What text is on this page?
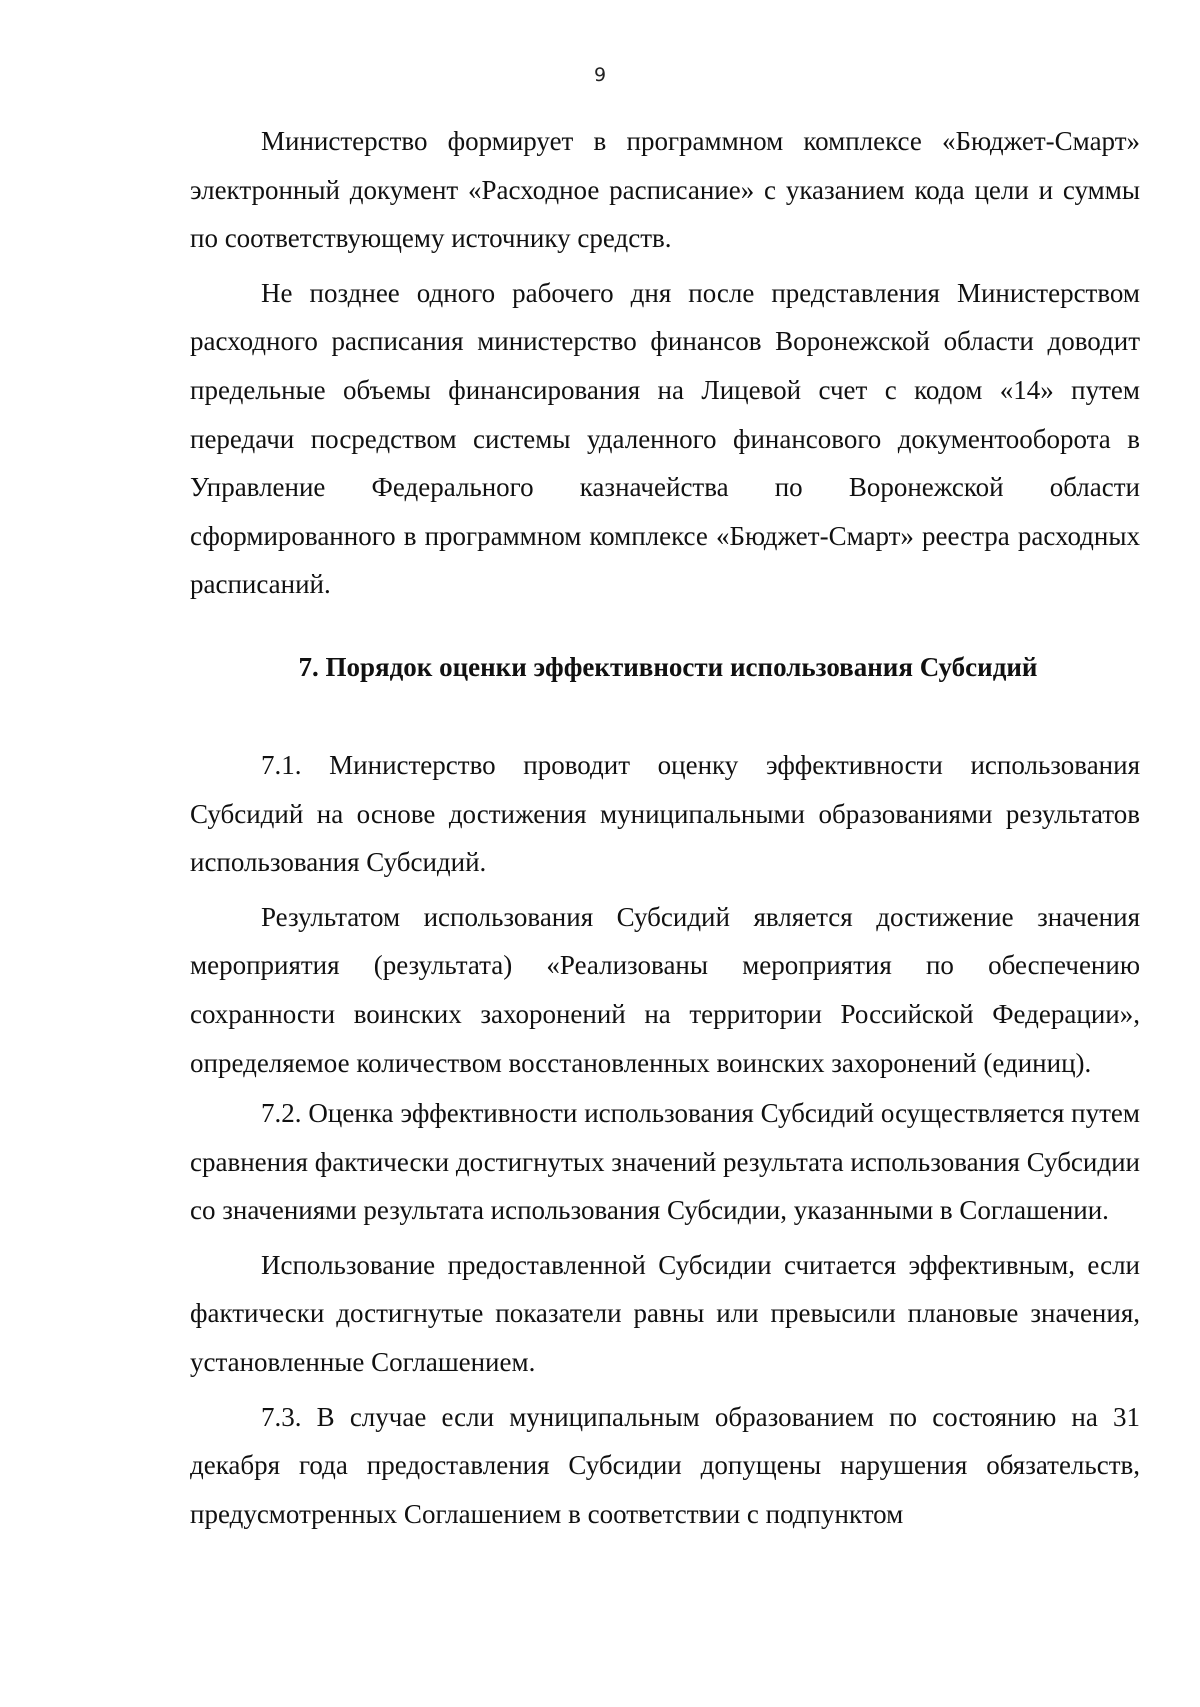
9

Министерство формирует в программном комплексе «Бюджет-Смарт» электронный документ «Расходное расписание» с указанием кода цели и суммы по соответствующему источнику средств.

Не позднее одного рабочего дня после представления Министерством расходного расписания министерство финансов Воронежской области доводит предельные объемы финансирования на Лицевой счет с кодом «14» путем передачи посредством системы удаленного финансового документооборота в Управление Федерального казначейства по Воронежской области сформированного в программном комплексе «Бюджет-Смарт» реестра расходных расписаний.

7. Порядок оценки эффективности использования Субсидий

7.1. Министерство проводит оценку эффективности использования Субсидий на основе достижения муниципальными образованиями результатов использования Субсидий.

Результатом использования Субсидий является достижение значения мероприятия (результата) «Реализованы мероприятия по обеспечению сохранности воинских захоронений на территории Российской Федерации», определяемое количеством восстановленных воинских захоронений (единиц).

7.2. Оценка эффективности использования Субсидий осуществляется путем сравнения фактически достигнутых значений результата использования Субсидии со значениями результата использования Субсидии, указанными в Соглашении.

Использование предоставленной Субсидии считается эффективным, если фактически достигнутые показатели равны или превысили плановые значения, установленные Соглашением.

7.3. В случае если муниципальным образованием по состоянию на 31 декабря года предоставления Субсидии допущены нарушения обязательств, предусмотренных Соглашением в соответствии с подпунктом
